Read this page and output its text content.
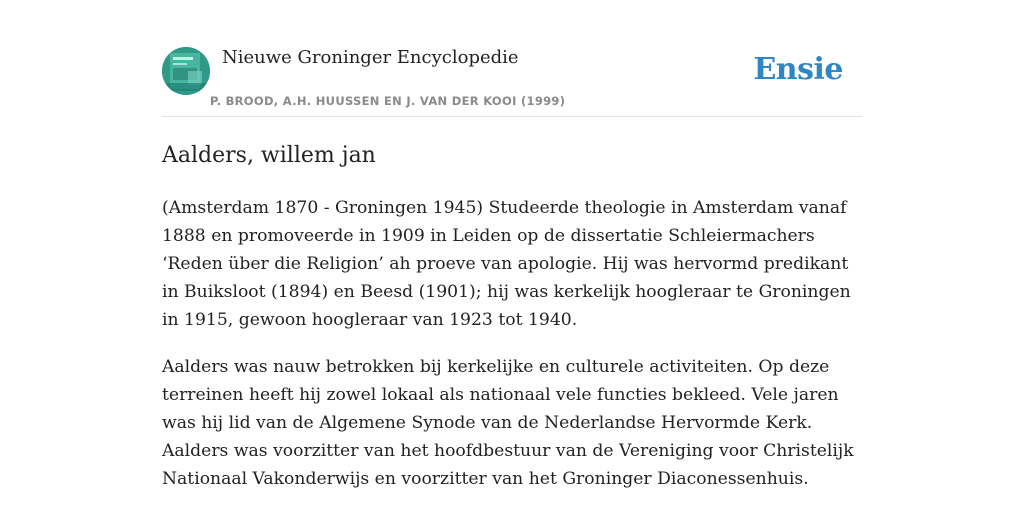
Nieuwe Groninger Encyclopedie
P. BROOD, A.H. HUUSSEN EN J. VAN DER KOOI (1999)
Ensie
Aalders, willem jan

(Amsterdam 1870 - Groningen 1945) Studeerde theologie in Amsterdam vanaf 1888 en promoveerde in 1909 in Leiden op de dissertatie Schleiermachers ‘Reden über die Religion’ ah proeve van apologie. Hij was hervormd predikant in Buiksloot (1894) en Beesd (1901); hij was kerkelijk hoogleraar te Groningen in 1915, gewoon hoogleraar van 1923 tot 1940.

Aalders was nauw betrokken bij kerkelijke en culturele activiteiten. Op deze terreinen heeft hij zowel lokaal als nationaal vele functies bekleed. Vele jaren was hij lid van de Algemene Synode van de Nederlandse Hervormde Kerk. Aalders was voorzitter van het hoofdbestuur van de Vereniging voor Christelijk Nationaal Vakonderwijs en voorzitter van het Groninger Diaconessenhuis.
